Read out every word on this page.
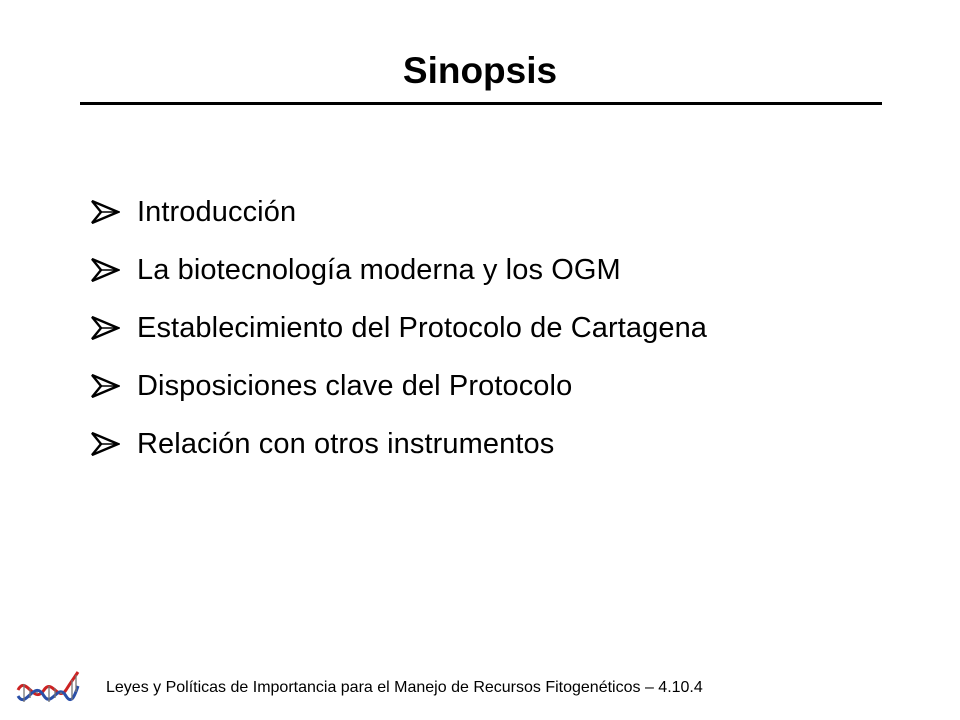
Sinopsis
Introducción
La biotecnología moderna y los OGM
Establecimiento del Protocolo de Cartagena
Disposiciones clave del Protocolo
Relación con otros instrumentos
Leyes y Políticas de Importancia para el Manejo de Recursos Fitogenéticos – 4.10.4
